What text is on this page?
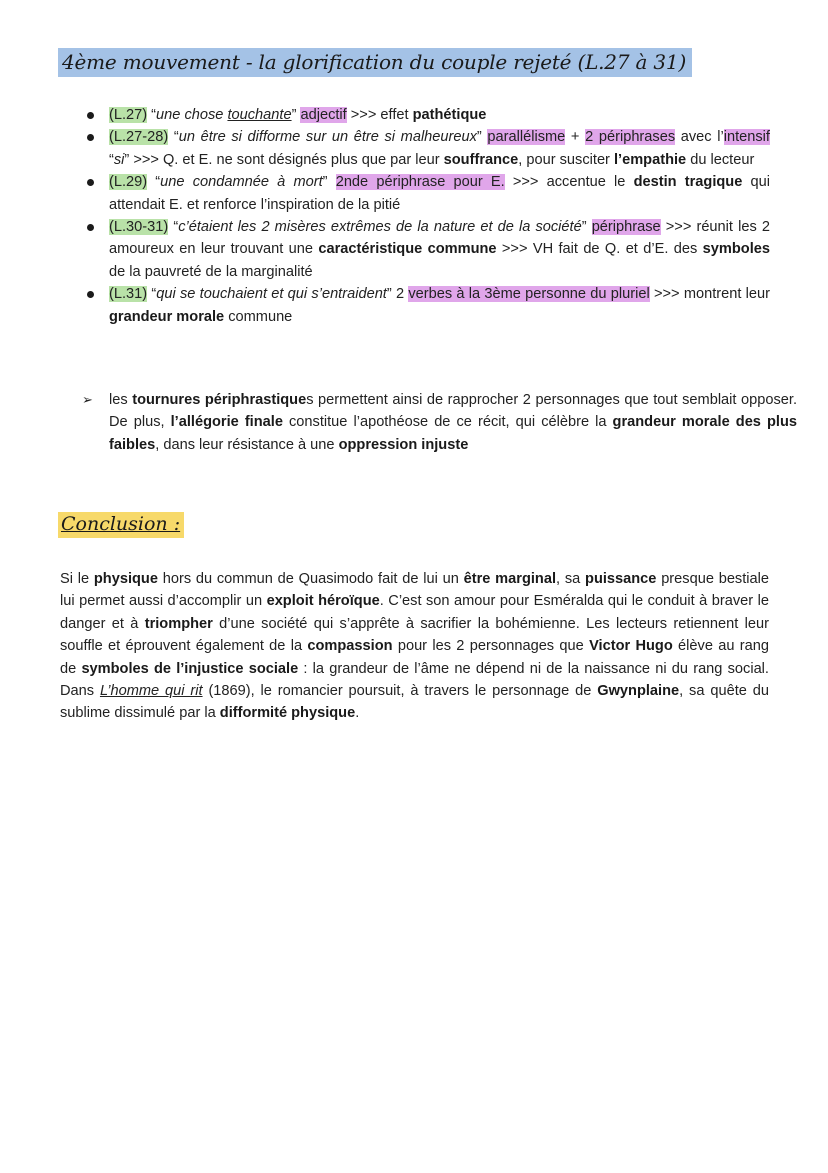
4ème mouvement - la glorification du couple rejeté (L.27 à 31)
(L.27) “une chose touchante” adjectif >>> effet pathétique
(L.27-28) “un être si difforme sur un être si malheureux” parallélisme + 2 périphrases avec l’intensif “si” >>> Q. et E. ne sont désignés plus que par leur souffrance, pour susciter l’empathie du lecteur
(L.29) “une condamnée à mort” 2nde périphrase pour E. >>> accentue le destin tragique qui attendait E. et renforce l’inspiration de la pitié
(L.30-31) “c’étaient les 2 misères extrêmes de la nature et de la société” périphrase >>> réunit les 2 amoureux en leur trouvant une caractéristique commune >>> VH fait de Q. et d’E. des symboles de la pauvreté de la marginalité
(L.31) “qui se touchaient et qui s’entraident” 2 verbes à la 3ème personne du pluriel >>> montrent leur grandeur morale commune
➢ les tournures périphrastiques permettent ainsi de rapprocher 2 personnages que tout semblait opposer. De plus, l’allégorie finale constitue l’apothéose de ce récit, qui célèbre la grandeur morale des plus faibles, dans leur résistance à une oppression injuste
Conclusion :
Si le physique hors du commun de Quasimodo fait de lui un être marginal, sa puissance presque bestiale lui permet aussi d’accomplir un exploit héroïque. C’est son amour pour Esméralda qui le conduit à braver le danger et à triompher d’une société qui s’apprête à sacrifier la bohémienne. Les lecteurs retiennent leur souffle et éprouvent également de la compassion pour les 2 personnages que Victor Hugo élève au rang de symboles de l’injustice sociale : la grandeur de l’âme ne dépend ni de la naissance ni du rang social. Dans L’homme qui rit (1869), le romancier poursuit, à travers le personnage de Gwynplaine, sa quête du sublime dissimulé par la difformité physique.
